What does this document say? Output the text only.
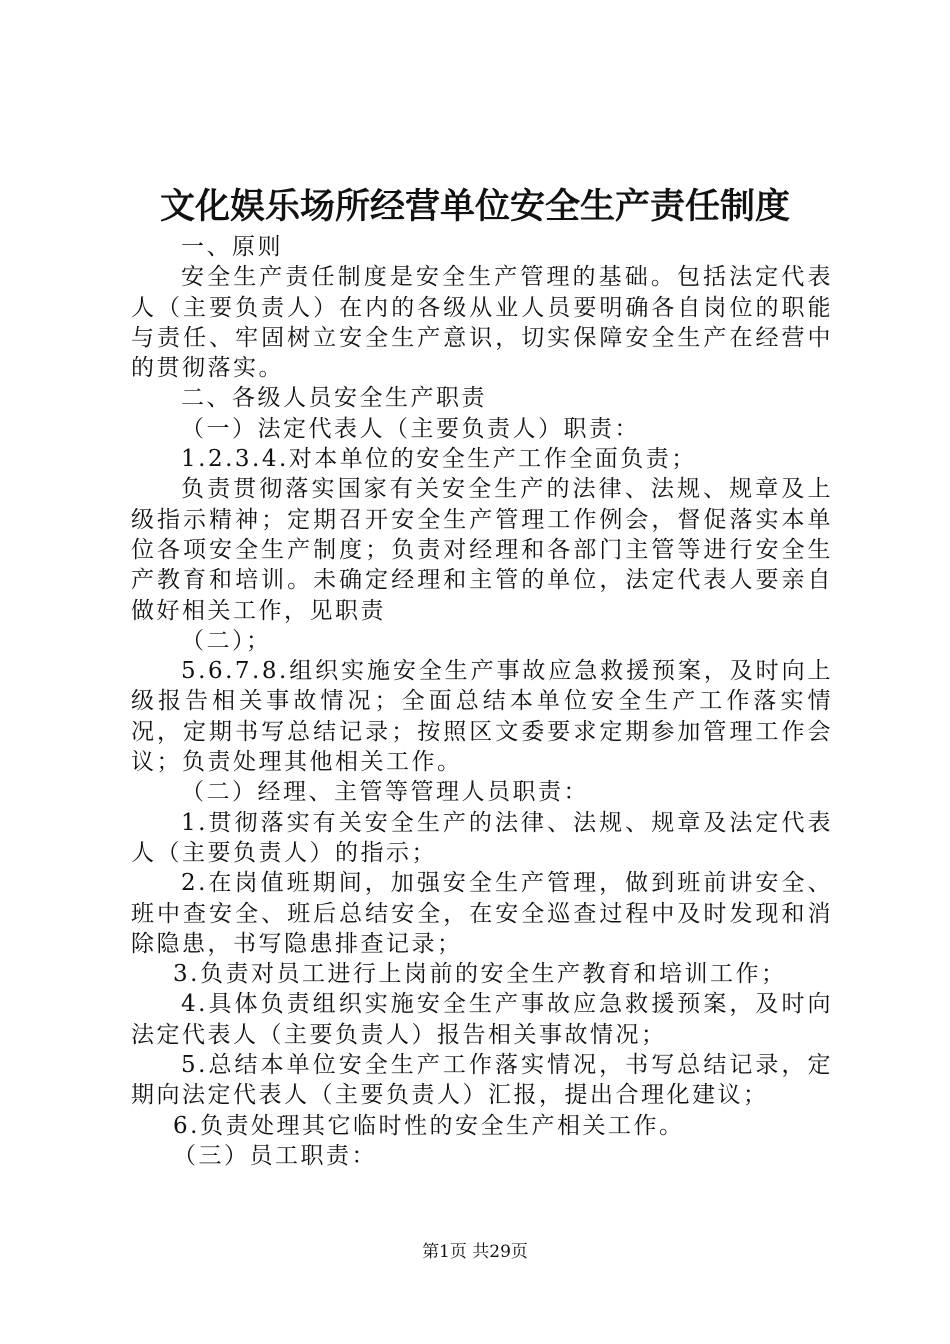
文化娱乐场所经营单位安全生产责任制度

一、原则

安全生产责任制度是安全生产管理的基础。包括法定代表人（主要负责人）在内的各级从业人员要明确各自岗位的职能与责任、牢固树立安全生产意识，切实保障安全生产在经营中的贯彻落实。

二、各级人员安全生产职责

（一）法定代表人（主要负责人）职责：

1.2.3.4.对本单位的安全生产工作全面负责；

负责贯彻落实国家有关安全生产的法律、法规、规章及上级指示精神；定期召开安全生产管理工作例会，督促落实本单位各项安全生产制度；负责对经理和各部门主管等进行安全生产教育和培训。未确定经理和主管的单位，法定代表人要亲自做好相关工作，见职责

（二）；

5.6.7.8.组织实施安全生产事故应急救援预案，及时向上级报告相关事故情况；全面总结本单位安全生产工作落实情况，定期书写总结记录；按照区文委要求定期参加管理工作会议；负责处理其他相关工作。

（二）经理、主管等管理人员职责：

1.贯彻落实有关安全生产的法律、法规、规章及法定代表人（主要负责人）的指示；

2.在岗值班期间，加强安全生产管理，做到班前讲安全、班中查安全、班后总结安全，在安全巡查过程中及时发现和消除隐患，书写隐患排查记录；

3.负责对员工进行上岗前的安全生产教育和培训工作；

4.具体负责组织实施安全生产事故应急救援预案，及时向法定代表人（主要负责人）报告相关事故情况；

5.总结本单位安全生产工作落实情况，书写总结记录，定期向法定代表人（主要负责人）汇报，提出合理化建议；

6.负责处理其它临时性的安全生产相关工作。

（三）员工职责：

第1页 共29页
